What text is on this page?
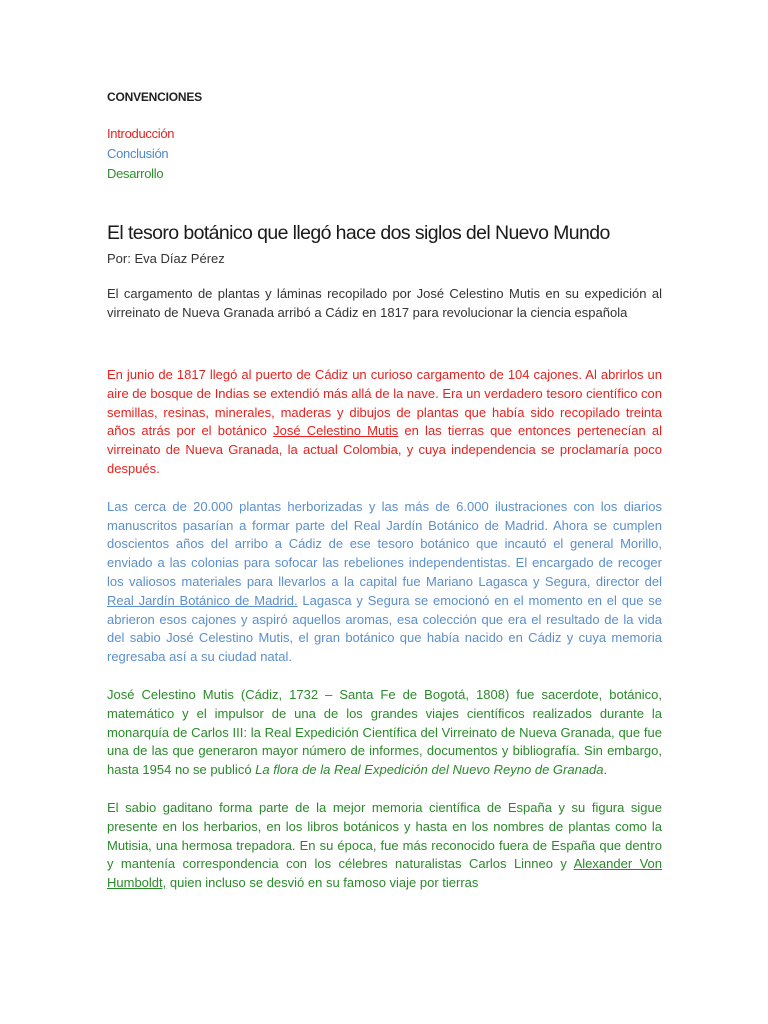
CONVENCIONES
Introducción
Conclusión
Desarrollo
El tesoro botánico que llegó hace dos siglos del Nuevo Mundo
Por: Eva Díaz Pérez

El cargamento de plantas y láminas recopilado por José Celestino Mutis en su expedición al virreinato de Nueva Granada arribó a Cádiz en 1817 para revolucionar la ciencia española

En junio de 1817 llegó al puerto de Cádiz un curioso cargamento de 104 cajones. Al abrirlos un aire de bosque de Indias se extendió más allá de la nave. Era un verdadero tesoro científico con semillas, resinas, minerales, maderas y dibujos de plantas que había sido recopilado treinta años atrás por el botánico José Celestino Mutis en las tierras que entonces pertenecían al virreinato de Nueva Granada, la actual Colombia, y cuya independencia se proclamaría poco después.

Las cerca de 20.000 plantas herborizadas y las más de 6.000 ilustraciones con los diarios manuscritos pasarían a formar parte del Real Jardín Botánico de Madrid. Ahora se cumplen doscientos años del arribo a Cádiz de ese tesoro botánico que incautó el general Morillo, enviado a las colonias para sofocar las rebeliones independentistas. El encargado de recoger los valiosos materiales para llevarlos a la capital fue Mariano Lagasca y Segura, director del Real Jardín Botánico de Madrid. Lagasca y Segura se emocionó en el momento en el que se abrieron esos cajones y aspiró aquellos aromas, esa colección que era el resultado de la vida del sabio José Celestino Mutis, el gran botánico que había nacido en Cádiz y cuya memoria regresaba así a su ciudad natal.

José Celestino Mutis (Cádiz, 1732 – Santa Fe de Bogotá, 1808) fue sacerdote, botánico, matemático y el impulsor de una de los grandes viajes científicos realizados durante la monarquía de Carlos III: la Real Expedición Científica del Virreinato de Nueva Granada, que fue una de las que generaron mayor número de informes, documentos y bibliografía. Sin embargo, hasta 1954 no se publicó La flora de la Real Expedición del Nuevo Reyno de Granada.

El sabio gaditano forma parte de la mejor memoria científica de España y su figura sigue presente en los herbarios, en los libros botánicos y hasta en los nombres de plantas como la Mutisia, una hermosa trepadora. En su época, fue más reconocido fuera de España que dentro y mantenía correspondencia con los célebres naturalistas Carlos Linneo y Alexander Von Humboldt, quien incluso se desvió en su famoso viaje por tierras
